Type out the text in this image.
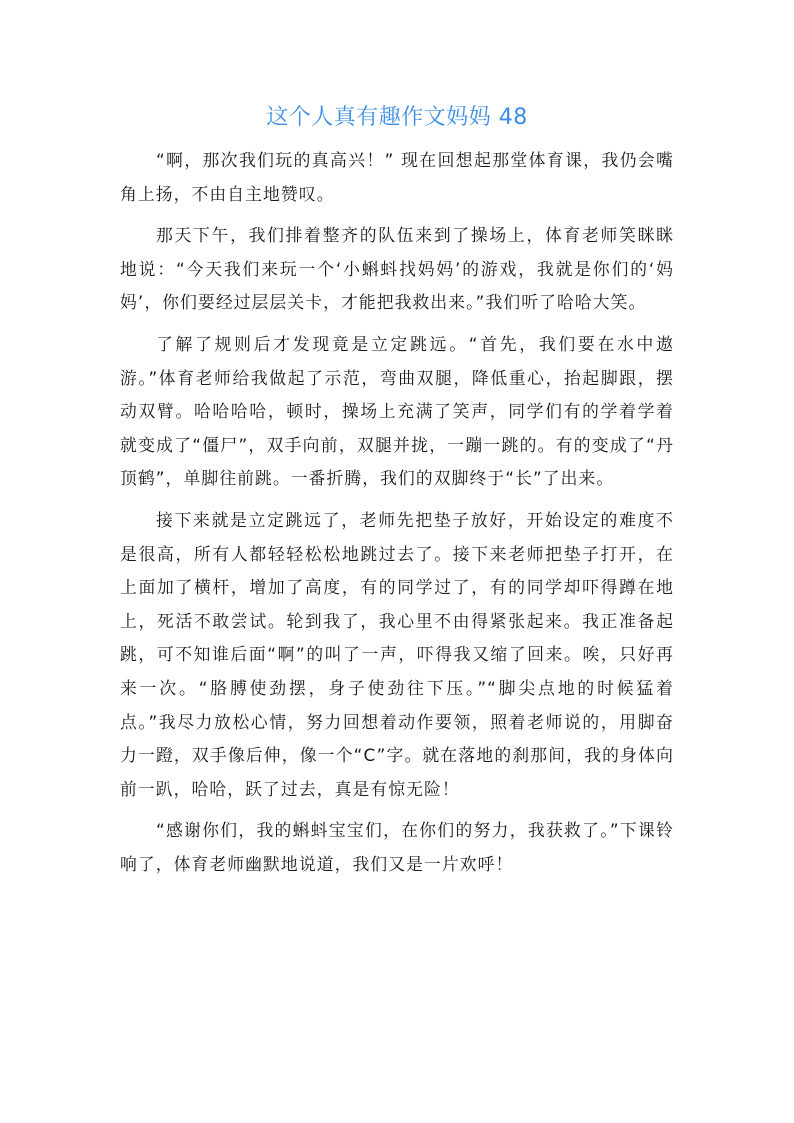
这个人真有趣作文妈妈 48

“啊，那次我们玩的真高兴！” 现在回想起那堂体育课，我仍会嘴角上扬，不由自主地赞叹。

那天下午，我们排着整齐的队伍来到了操场上，体育老师笑眯眯地说：“今天我们来玩一个‘小蝌蚪找妈妈’的游戏，我就是你们的‘妈妈’，你们要经过层层关卡，才能把我救出来。”我们听了哈哈大笑。

了解了规则后才发现竟是立定跳远。“首先，我们要在水中遨游。”体育老师给我做起了示范，弯曲双腿，降低重心，抬起脚跟，摆动双臂。哈哈哈哈，顿时，操场上充满了笑声，同学们有的学着学着就变成了“僵尸”，双手向前，双腿并拢，一蹦一跳的。有的变成了“丹顶鹤”，单脚往前跳。一番折腾，我们的双脚终于“长”了出来。

接下来就是立定跳远了，老师先把垫子放好，开始设定的难度不是很高，所有人都轻轻松松地跳过去了。接下来老师把垫子打开，在上面加了横杆，增加了高度，有的同学过了，有的同学却吓得蹲在地上，死活不敢尝试。轮到我了，我心里不由得紧张起来。我正准备起跳，可不知谁后面“啊”的叫了一声，吓得我又缩了回来。唉，只好再来一次。“胳膊使劲摆，身子使劲往下压。”“脚尖点地的时候猛着点。”我尽力放松心情，努力回想着动作要领，照着老师说的，用脚奋力一蹬，双手像后伸，像一个“C”字。就在落地的刹那间，我的身体向前一趴，哈哈，跃了过去，真是有惊无险！

“感谢你们，我的蝌蚪宝宝们，在你们的努力，我获救了。”下课铃响了，体育老师幽默地说道，我们又是一片欢呼！
